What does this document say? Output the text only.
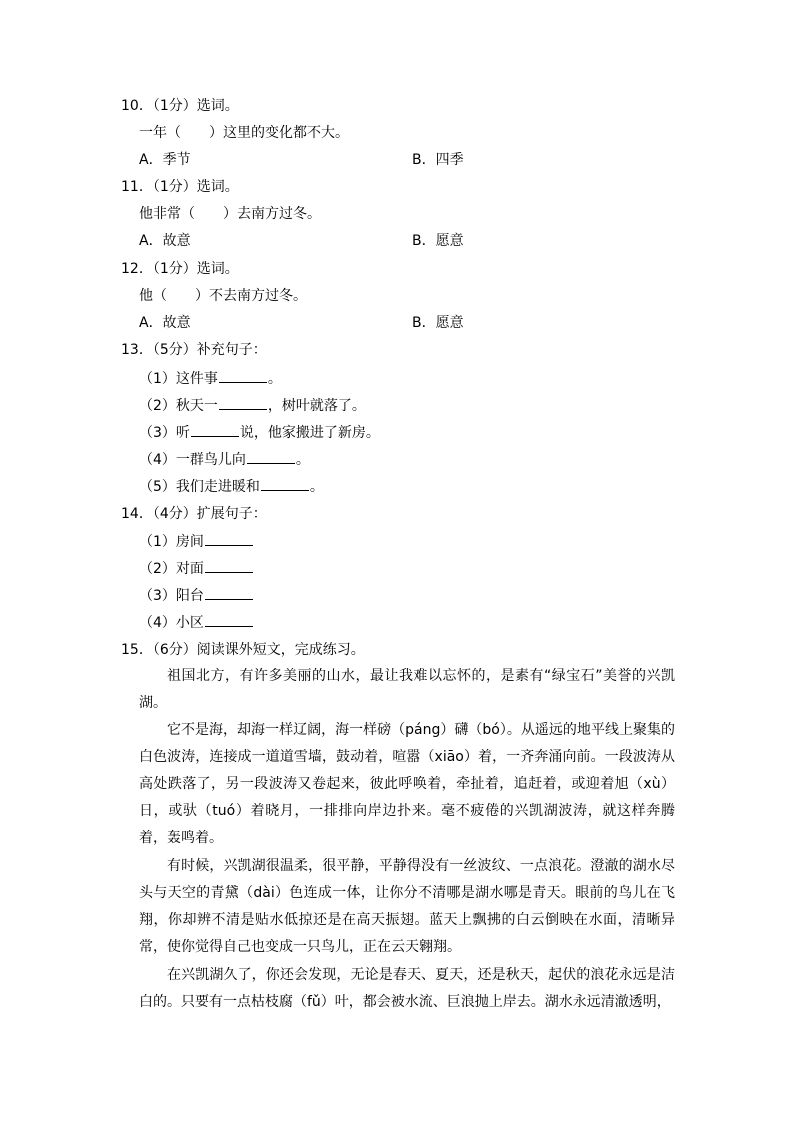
10．（1分）选词。
一年（　　）这里的变化都不大。
A．季节	B．四季
11．（1分）选词。
他非常（　　）去南方过冬。
A．故意	B．愿意
12．（1分）选词。
他（　　）不去南方过冬。
A．故意	B．愿意
13．（5分）补充句子：
（1）这件事	。
（2）秋天一	，树叶就落了。
（3）听	说，他家搬进了新房。
（4）一群鸟儿向	。
（5）我们走进暖和	。
14．（4分）扩展句子：
（1）房间
（2）对面
（3）阳台
（4）小区
15．（6分）阅读课外短文，完成练习。

祖国北方，有许多美丽的山水，最让我难以忘怀的，是素有“绿宝石”美誉的兴凯湖。

它不是海，却海一样辽阔，海一样磅（páng）礴（bó）。从遥远的地平线上聚集的白色波涛，连接成一道道雪墙，鼓动着，喧嚣（xiāo）着，一齐奔涌向前。一段波涛从高处跌落了，另一段波涛又卷起来，彼此呼唤着，牵扯着，追赶着，或迎着旭（xù）日，或驮（tuó）着晓月，一排排向岸边扑来。毫不疲倦的兴凯湖波涛，就这样奔腾着，轰鸣着。

有时候，兴凯湖很温柔，很平静，平静得没有一丝波纹、一点浪花。澄澈的湖水尽头与天空的青黛（dài）色连成一体，让你分不清哪是湖水哪是青天。眼前的鸟儿在飞翔，你却辨不清是贴水低掠还是在高天振翅。蓝天上飘拂的白云倒映在水面，清晰异常，使你觉得自己也变成一只鸟儿，正在云天翱翔。

在兴凯湖久了，你还会发现，无论是春天、夏天，还是秋天，起伏的浪花永远是洁白的。只要有一点枯枝腐（fǔ）叶，都会被水流、巨浪抛上岸去。湖水永远清澈透明，
